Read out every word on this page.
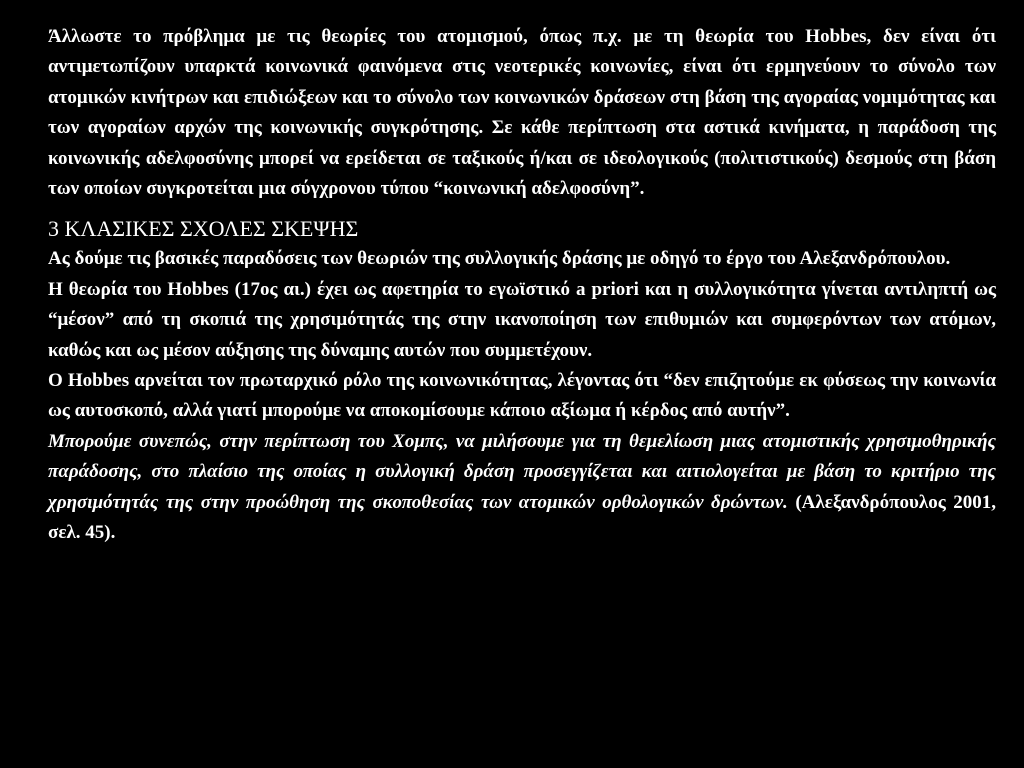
Άλλωστε το πρόβλημα με τις θεωρίες του ατομισμού, όπως π.χ. με τη θεωρία του Hobbes, δεν είναι ότι αντιμετωπίζουν υπαρκτά κοινωνικά φαινόμενα στις νεοτερικές κοινωνίες, είναι ότι ερμηνεύουν το σύνολο των ατομικών κινήτρων και επιδιώξεων και το σύνολο των κοινωνικών δράσεων στη βάση της αγοραίας νομιμότητας και των αγοραίων αρχών της κοινωνικής συγκρότησης. Σε κάθε περίπτωση στα αστικά κινήματα, η παράδοση της κοινωνικής αδελφοσύνης μπορεί να ερείδεται σε ταξικούς ή/και σε ιδεολογικούς (πολιτιστικούς) δεσμούς στη βάση των οποίων συγκροτείται μια σύγχρονου τύπου “κοινωνική αδελφοσύνη”.

3 ΚΛΑΣΙΚΕΣ ΣΧΟΛΕΣ ΣΚΕΨΗΣ

Ας δούμε τις βασικές παραδόσεις των θεωριών της συλλογικής δράσης με οδηγό το έργο του Αλεξανδρόπουλου.

Η θεωρία του Hobbes (17ος αι.) έχει ως αφετηρία το εγωϊστικό a priori και η συλλογικότητα γίνεται αντιληπτή ως “μέσον” από τη σκοπιά της χρησιμότητάς της στην ικανοποίηση των επιθυμιών και συμφερόντων των ατόμων, καθώς και ως μέσον αύξησης της δύναμης αυτών που συμμετέχουν.

Ο Hobbes αρνείται τον πρωταρχικό ρόλο της κοινωνικότητας, λέγοντας ότι “δεν επιζητούμε εκ φύσεως την κοινωνία ως αυτοσκοπό, αλλά γιατί μπορούμε να αποκομίσουμε κάποιο αξίωμα ή κέρδος από αυτήν”.

Μπορούμε συνεπώς, στην περίπτωση του Χομπς, να μιλήσουμε για τη θεμελίωση μιας ατομιστικής χρησιμοθηρικής παράδοσης, στο πλαίσιο της οποίας η συλλογική δράση προσεγγίζεται και αιτιολογείται με βάση το κριτήριο της χρησιμότητάς της στην προώθηση της σκοποθεσίας των ατομικών ορθολογικών δρώντων. (Αλεξανδρόπουλος 2001, σελ. 45).
